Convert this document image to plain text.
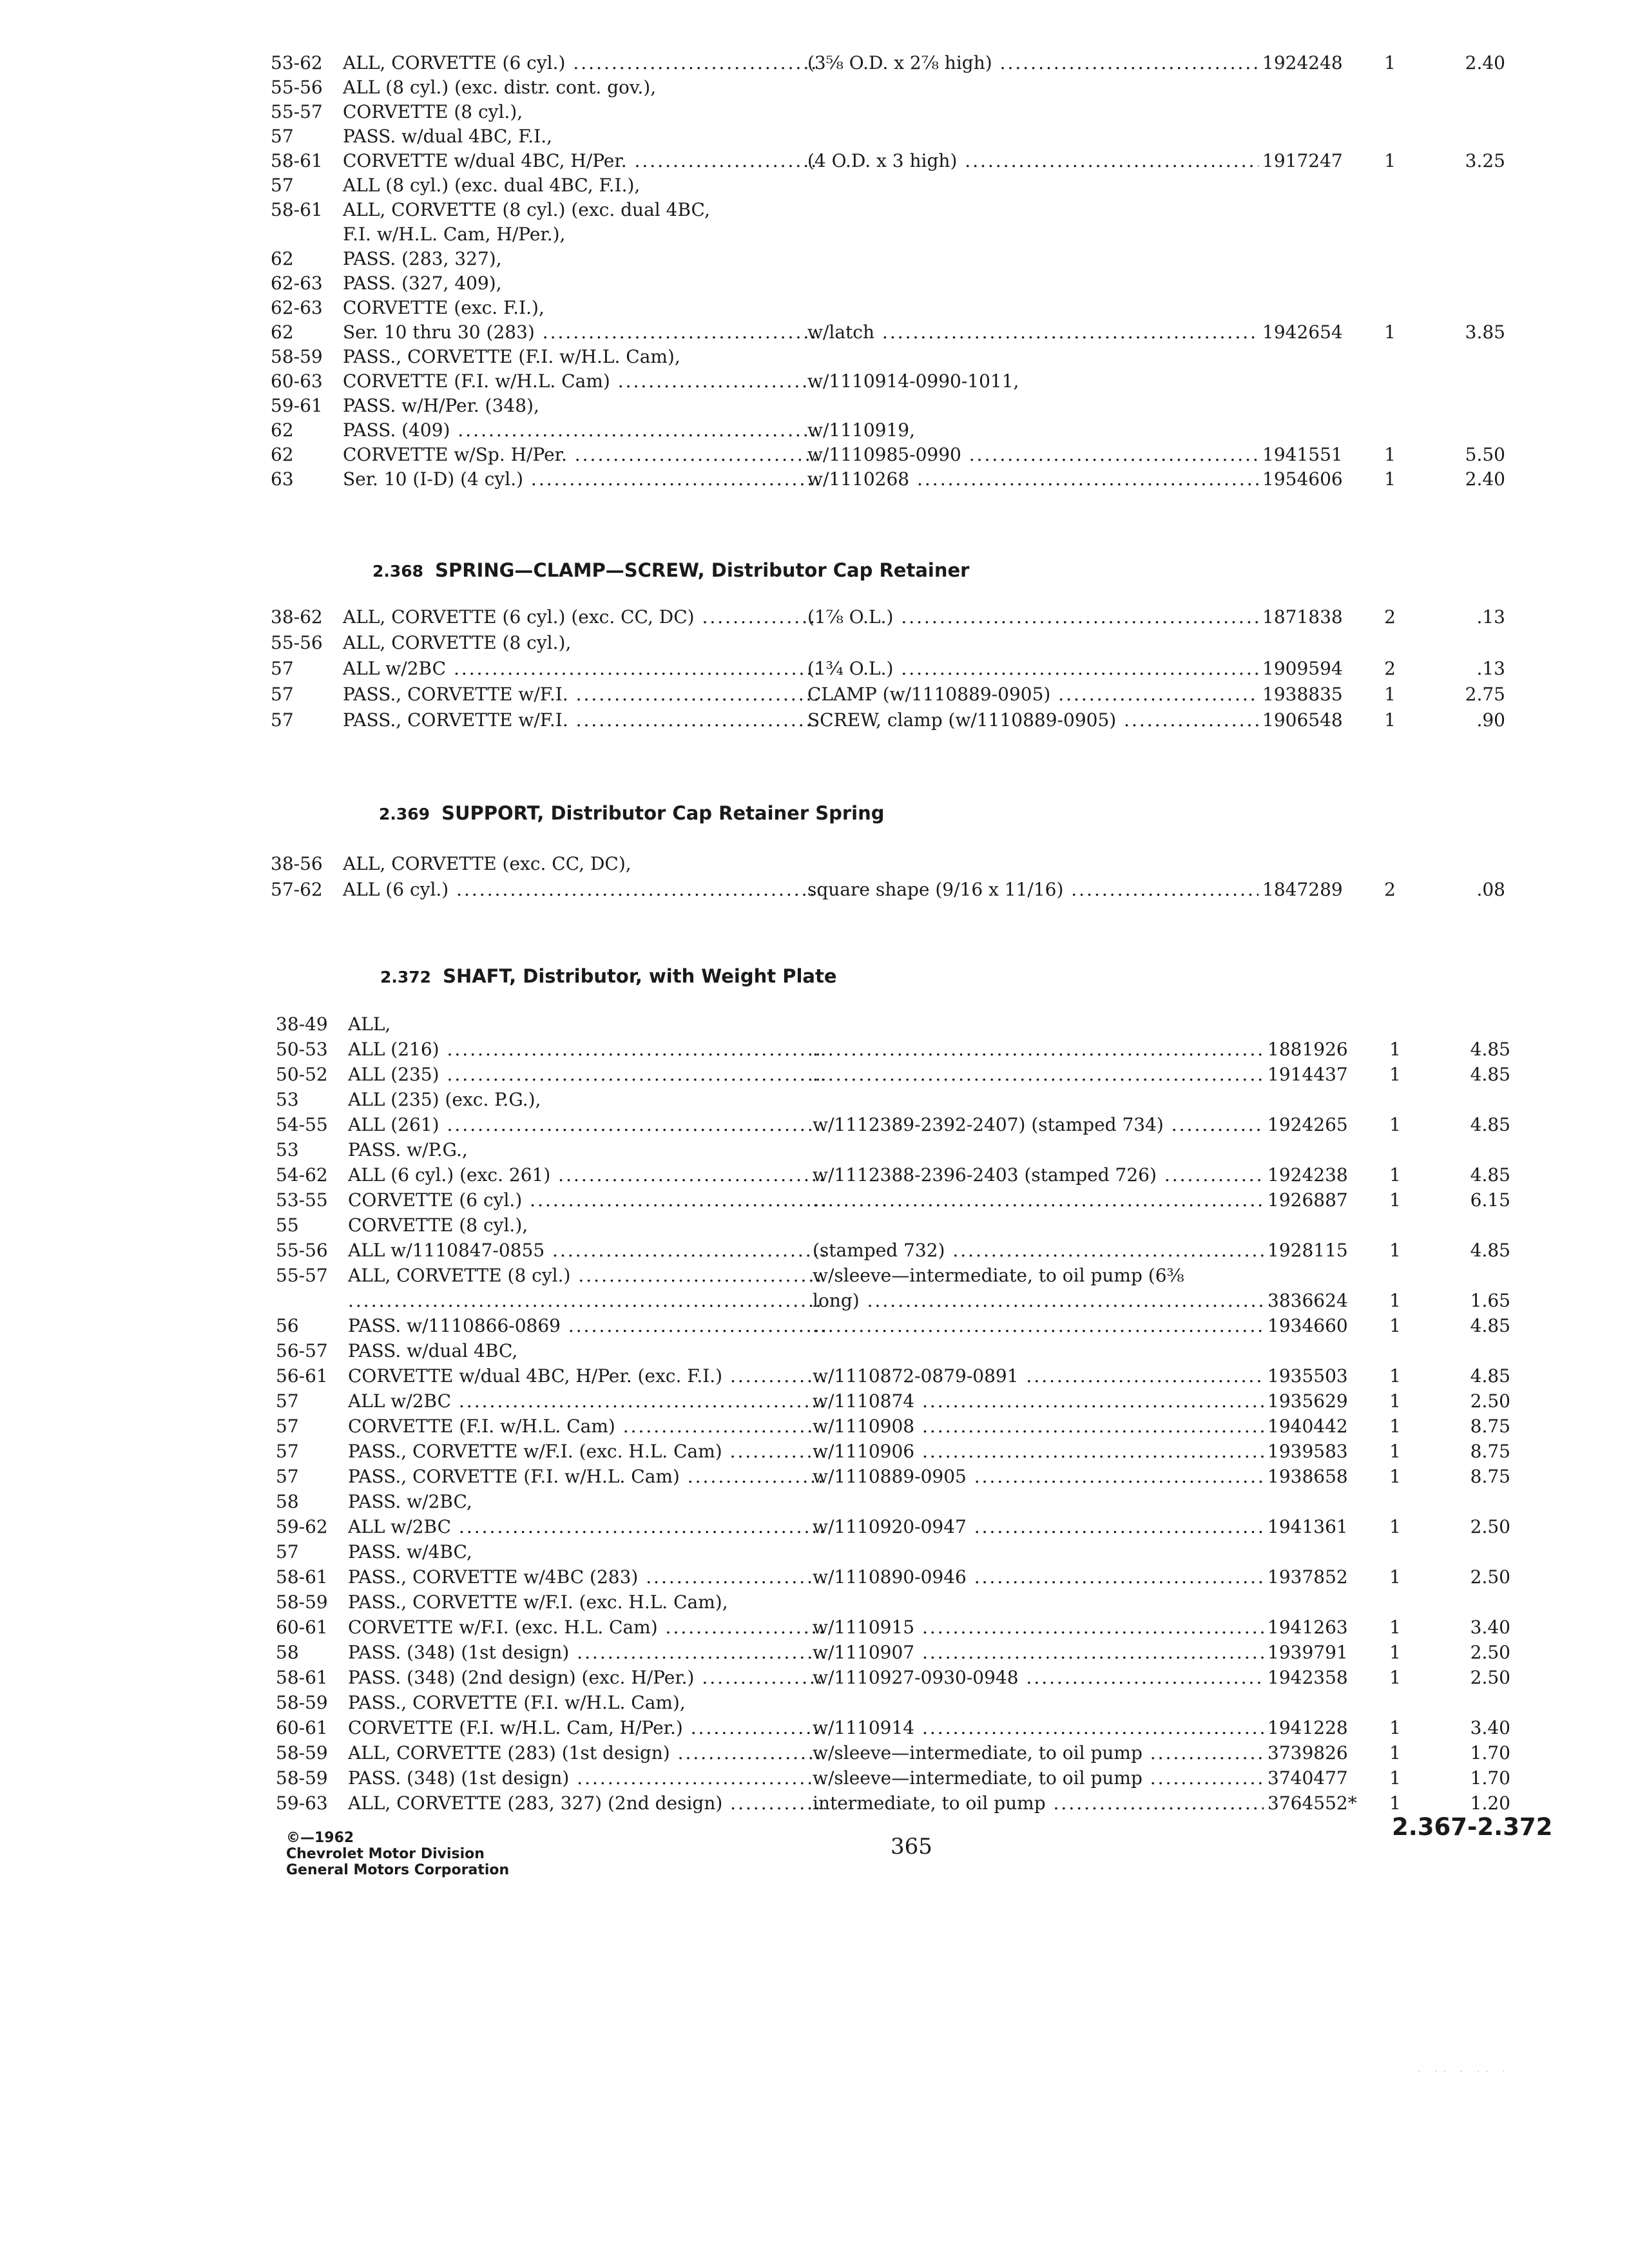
2.368 SPRING—CLAMP—SCREW, Distributor Cap Retainer
2.369 SUPPORT, Distributor Cap Retainer Spring
2.372 SHAFT, Distributor, with Weight Plate
©—1962
Chevrolet Motor Division
General Motors Corporation
365
2.367-2.372
· ·· · ·· ·
53-62	ALL, CORVETTE (6 cyl.) .....	(3⅝ O.D. x 2⅞ high) .....	1924248	1	2.40
55-56	ALL (8 cyl.) (exc. distr. cont. gov.),
55-57	CORVETTE (8 cyl.),
57	PASS. w/dual 4BC, F.I.,
58-61	CORVETTE w/dual 4BC, H/Per. .....	(4 O.D. x 3 high) .....	1917247	1	3.25
57	ALL (8 cyl.) (exc. dual 4BC, F.I.),
58-61	ALL, CORVETTE (8 cyl.) (exc. dual 4BC,
F.I. w/H.L. Cam, H/Per.),
62	PASS. (283, 327),
62-63	PASS. (327, 409),
62-63	CORVETTE (exc. F.I.),
62	Ser. 10 thru 30 (283) .....	w/latch .....	1942654	1	3.85
58-59	PASS., CORVETTE (F.I. w/H.L. Cam),
60-63	CORVETTE (F.I. w/H.L. Cam) .....	w/1110914-0990-1011,
59-61	PASS. w/H/Per. (348),
62	PASS. (409) .....	w/1110919,
62	CORVETTE w/Sp. H/Per. .....	w/1110985-0990 .....	1941551	1	5.50
63	Ser. 10 (I-D) (4 cyl.) .....	w/1110268 .....	1954606	1	2.40
38-62	ALL, CORVETTE (6 cyl.) (exc. CC, DC) .....	(1⅞ O.L.) .....	1871838	2	.13
55-56	ALL, CORVETTE (8 cyl.),
57	ALL w/2BC .....	(1¾ O.L.) .....	1909594	2	.13
57	PASS., CORVETTE w/F.I. .....	CLAMP (w/1110889-0905) .....	1938835	1	2.75
57	PASS., CORVETTE w/F.I. .....	SCREW, clamp (w/1110889-0905) .....	1906548	1	.90
38-56	ALL, CORVETTE (exc. CC, DC),
57-62	ALL (6 cyl.) .....	square shape (9/16 x 11/16) .....	1847289	2	.08
38-49	ALL,
50-53	ALL (216) ..... .....	1881926	1	4.85
50-52	ALL (235) ..... .....	1914437	1	4.85
53	ALL (235) (exc. P.G.),
54-55	ALL (261) .....	w/1112389-2392-2407) (stamped 734) .....	1924265	1	4.85
53	PASS. w/P.G.,
54-62	ALL (6 cyl.) (exc. 261) .....	w/1112388-2396-2403 (stamped 726) .....	1924238	1	4.85
53-55	CORVETTE (6 cyl.) ..... .....	1926887	1	6.15
55	CORVETTE (8 cyl.),
55-56	ALL w/1110847-0855 .....	(stamped 732) .....	1928115	1	4.85
55-57	ALL, CORVETTE (8 cyl.) .....	w/sleeve—intermediate, to oil pump (6⅜
.....
long) .....	3836624	1	1.65
56	PASS. w/1110866-0869 ..... .....	1934660	1	4.85
56-57	PASS. w/dual 4BC,
56-61	CORVETTE w/dual 4BC, H/Per. (exc. F.I.) .....	w/1110872-0879-0891 .....	1935503	1	4.85
57	ALL w/2BC .....	w/1110874 .....	1935629	1	2.50
57	CORVETTE (F.I. w/H.L. Cam) .....	w/1110908 .....	1940442	1	8.75
57	PASS., CORVETTE w/F.I. (exc. H.L. Cam) .....	w/1110906 .....	1939583	1	8.75
57	PASS., CORVETTE (F.I. w/H.L. Cam) .....	w/1110889-0905 .....	1938658	1	8.75
58	PASS. w/2BC,
59-62	ALL w/2BC .....	w/1110920-0947 .....	1941361	1	2.50
57	PASS. w/4BC,
58-61	PASS., CORVETTE w/4BC (283) .....	w/1110890-0946 .....	1937852	1	2.50
58-59	PASS., CORVETTE w/F.I. (exc. H.L. Cam),
60-61	CORVETTE w/F.I. (exc. H.L. Cam) .....	w/1110915 .....	1941263	1	3.40
58	PASS. (348) (1st design) .....	w/1110907 .....	1939791	1	2.50
58-61	PASS. (348) (2nd design) (exc. H/Per.) .....	w/1110927-0930-0948 .....	1942358	1	2.50
58-59	PASS., CORVETTE (F.I. w/H.L. Cam),
60-61	CORVETTE (F.I. w/H.L. Cam, H/Per.) .....	w/1110914 .....	1941228	1	3.40
58-59	ALL, CORVETTE (283) (1st design) .....	w/sleeve—intermediate, to oil pump .....	3739826	1	1.70
58-59	PASS. (348) (1st design) .....	w/sleeve—intermediate, to oil pump .....	3740477	1	1.70
59-63	ALL, CORVETTE (283, 327) (2nd design) .....	intermediate, to oil pump .....	3764552*	1	1.20
